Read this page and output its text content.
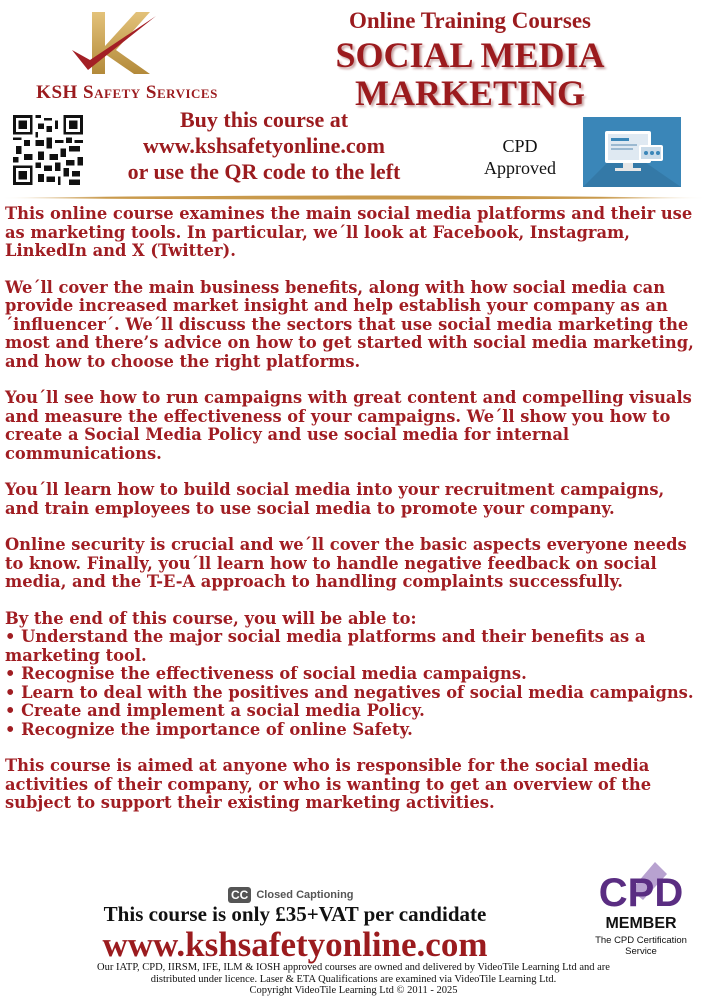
KSH Safety Services
Online Training Courses
SOCIAL MEDIA
MARKETING
Buy this course at
www.kshsafetyonline.com
or use the QR code to the left
CPD
Approved

This online course examines the main social media platforms and their use as marketing tools. In particular, we´ll look at Facebook, Instagram, LinkedIn and X (Twitter).

We´ll cover the main business benefits, along with how social media can provide increased market insight and help establish your company as an ´influencer´. We´ll discuss the sectors that use social media marketing the most and there’s advice on how to get started with social media marketing, and how to choose the right platforms.

You´ll see how to run campaigns with great content and compelling visuals and measure the effectiveness of your campaigns. We´ll show you how to create a Social Media Policy and use social media for internal communications.

You´ll learn how to build social media into your recruitment campaigns, and train employees to use social media to promote your company.

Online security is crucial and we´ll cover the basic aspects everyone needs to know. Finally, you´ll learn how to handle negative feedback on social media, and the T-E-A approach to handling complaints successfully.

By the end of this course, you will be able to:
• Understand the major social media platforms and their benefits as a marketing tool.
• Recognise the effectiveness of social media campaigns.
• Learn to deal with the positives and negatives of social media campaigns.
• Create and implement a social media Policy.
• Recognize the importance of online Safety.

This course is aimed at anyone who is responsible for the social media activities of their company, or who is wanting to get an overview of the subject to support their existing marketing activities.

CC Closed Captioning
This course is only £35+VAT per candidate
www.kshsafetyonline.com
CPD
MEMBER
The CPD Certification
Service
Our IATP, CPD, IIRSM, IFE, ILM & IOSH approved courses are owned and delivered by VideoTile Learning Ltd and are
distributed under licence. Laser & ETA Qualifications are examined via VideoTile Learning Ltd.
Copyright VideoTile Learning Ltd © 2011 - 2025
